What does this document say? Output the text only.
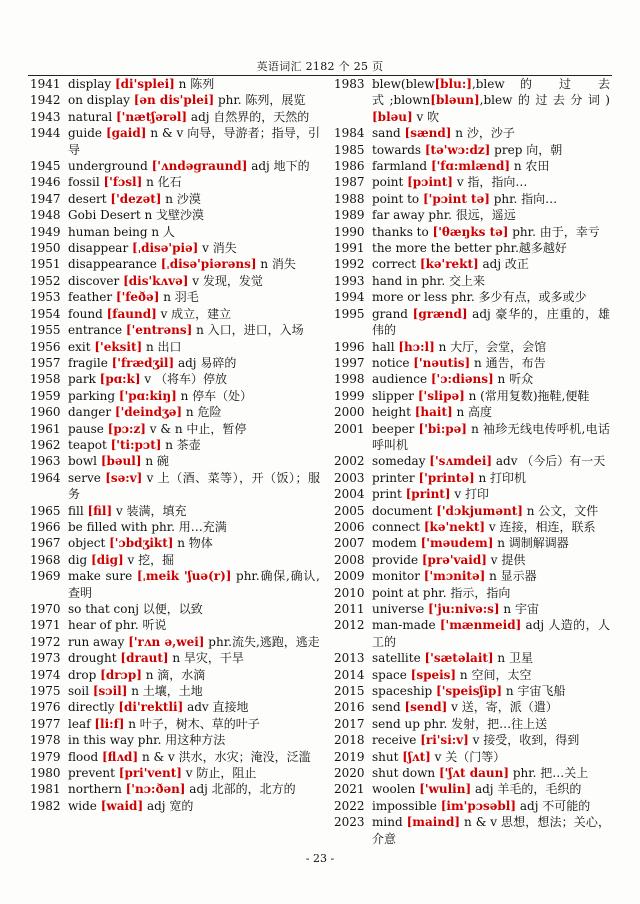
英语词汇 2182 个 25 页
1941 display [di'splei] n 陈列
1942 on display [ən dis'plei] phr. 陈列，展览
1943 natural ['nætʃərəl] adj 自然界的，天然的
1944 guide [gaid] n & v 向导，导游者；指导，引导
1945 underground ['ʌndəgraund] adj 地下的
1946 fossil ['fɔsl] n 化石
1947 desert ['dezət] n 沙漠
1948 Gobi Desert n 戈壁沙漠
1949 human being n 人
1950 disappear [ˌdisə'piə] v 消失
1951 disappearance [ˌdisə'piərəns] n 消失
1952 discover [dis'kʌvə] v 发现，发觉
1953 feather ['feðə] n 羽毛
1954 found [faund] v 成立，建立
1955 entrance ['entrəns] n 入口，进口，入场
1956 exit ['eksit] n 出口
1957 fragile ['frædʒil] adj 易碎的
1958 park [pɑ:k] v （将车）停放
1959 parking ['pɑ:kiŋ] n 停车（处）
1960 danger ['deindʒə] n 危险
1961 pause [pɔ:z] v & n 中止，暂停
1962 teapot ['ti:pɔt] n 茶壶
1963 bowl [bəul] n 碗
1964 serve [sə:v] v 上（酒、菜等），开（饭）；服务
1965 fill [fil] v 装满，填充
1966 be filled with phr. 用…充满
1967 object ['ɔbdʒikt] n 物体
1968 dig [dig] v 挖，掘
1969 make sure [ˌmeik 'ʃuə(r)] phr.确保,确认,查明
1970 so that conj 以便，以致
1971 hear of phr. 听说
1972 run away ['rʌn ə,wei] phr.流失,逃跑，逃走
1973 drought [draut] n 旱灾，干旱
1974 drop [drɔp] n 滴，水滴
1975 soil [sɔil] n 土壤，土地
1976 directly [di'rektli] adv 直接地
1977 leaf [li:f] n 叶子，树木、草的叶子
1978 in this way phr. 用这种方法
1979 flood [flʌd] n & v 洪水，水灾；淹没，泛滥
1980 prevent [pri'vent] v 防止，阻止
1981 northern ['nɔ:ðən] adj 北部的，北方的
1982 wide [waid] adj 宽的
1983 blew(blew[blu:],blew 的 过 去式;blown[bləun],blew的过去分词) [bləu] v 吹
1984 sand [sænd] n 沙，沙子
1985 towards [tə'wɔ:dz] prep 向，朝
1986 farmland ['fɑ:mlænd] n 农田
1987 point [pɔint] v 指，指向…
1988 point to ['pɔint tə] phr. 指向…
1989 far away phr. 很远，遥远
1990 thanks to ['θæŋks tə] phr. 由于，幸亏
1991 the more the better phr.越多越好
1992 correct [kə'rekt] adj 改正
1993 hand in phr. 交上来
1994 more or less phr. 多少有点，或多或少
1995 grand [grænd] adj 豪华的，庄重的，雄伟的
1996 hall [hɔ:l] n 大厅，会堂，会馆
1997 notice ['nəutis] n 通告，布告
1998 audience ['ɔ:diəns] n 听众
1999 slipper ['slipə] n (常用复数)拖鞋,便鞋
2000 height [hait] n 高度
2001 beeper ['bi:pə] n 袖珍无线电传呼机,电话呼叫机
2002 someday ['sʌmdei] adv （今后）有一天
2003 printer ['printə] n 打印机
2004 print [print] v 打印
2005 document ['dɔkjumənt] n 公文，文件
2006 connect [kə'nekt] v 连接，相连，联系
2007 modem ['məudem] n 调制解调器
2008 provide [prə'vaid] v 提供
2009 monitor ['mɔnitə] n 显示器
2010 point at phr. 指示，指向
2011 universe ['ju:nivə:s] n 宇宙
2012 man-made ['mænmeid] adj 人造的，人工的
2013 satellite ['sætəlait] n 卫星
2014 space [speis] n 空间，太空
2015 spaceship ['speisʃip] n 宇宙飞船
2016 send [send] v 送，寄，派（遣）
2017 send up phr. 发射，把…往上送
2018 receive [ri'si:v] v 接受，收到，得到
2019 shut [ʃʌt] v 关（门等）
2020 shut down ['ʃʌt daun] phr. 把…关上
2021 woolen ['wulin] adj 羊毛的，毛织的
2022 impossible [im'pɔsəbl] adj 不可能的
2023 mind [maind] n & v 思想，想法；关心，介意
- 23 -
